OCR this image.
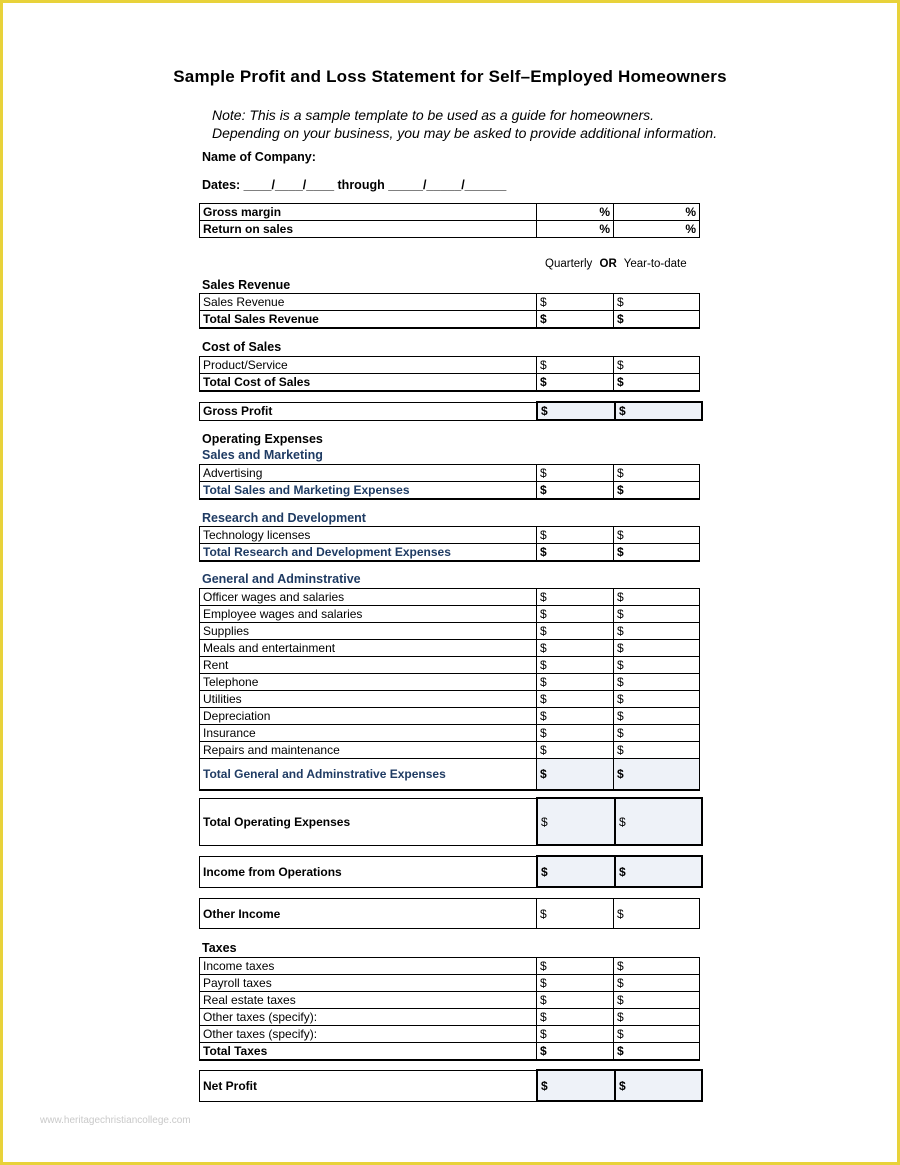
Sample Profit and Loss Statement for Self–Employed Homeowners
Note: This is a sample template to be used as a guide for homeowners.
Depending on your business, you may be asked to provide additional information.
Name of Company:
Dates: ____/____/____ through _____/_____/______
Gross margin	%	%
Return on sales	%	%
Quarterly OR Year-to-date
Sales Revenue
Sales Revenue	$	$
Total Sales Revenue	$	$
Cost of Sales
Product/Service	$	$
Total Cost of Sales	$	$
Gross Profit	$	$
Operating Expenses
Sales and Marketing
Advertising	$	$
Total Sales and Marketing Expenses	$	$
Research and Development
Technology licenses	$	$
Total Research and Development Expenses	$	$
General and Adminstrative
Officer wages and salaries	$	$
Employee wages and salaries	$	$
Supplies	$	$
Meals and entertainment	$	$
Rent	$	$
Telephone	$	$
Utilities	$	$
Depreciation	$	$
Insurance	$	$
Repairs and maintenance	$	$
Total General and Adminstrative Expenses	$	$
Total Operating Expenses	$	$
Income from Operations	$	$
Other Income	$	$
Taxes
Income taxes	$	$
Payroll taxes	$	$
Real estate taxes	$	$
Other taxes (specify):	$	$
Other taxes (specify):	$	$
Total Taxes	$	$
Net Profit	$	$
www.heritagechristiancollege.com
